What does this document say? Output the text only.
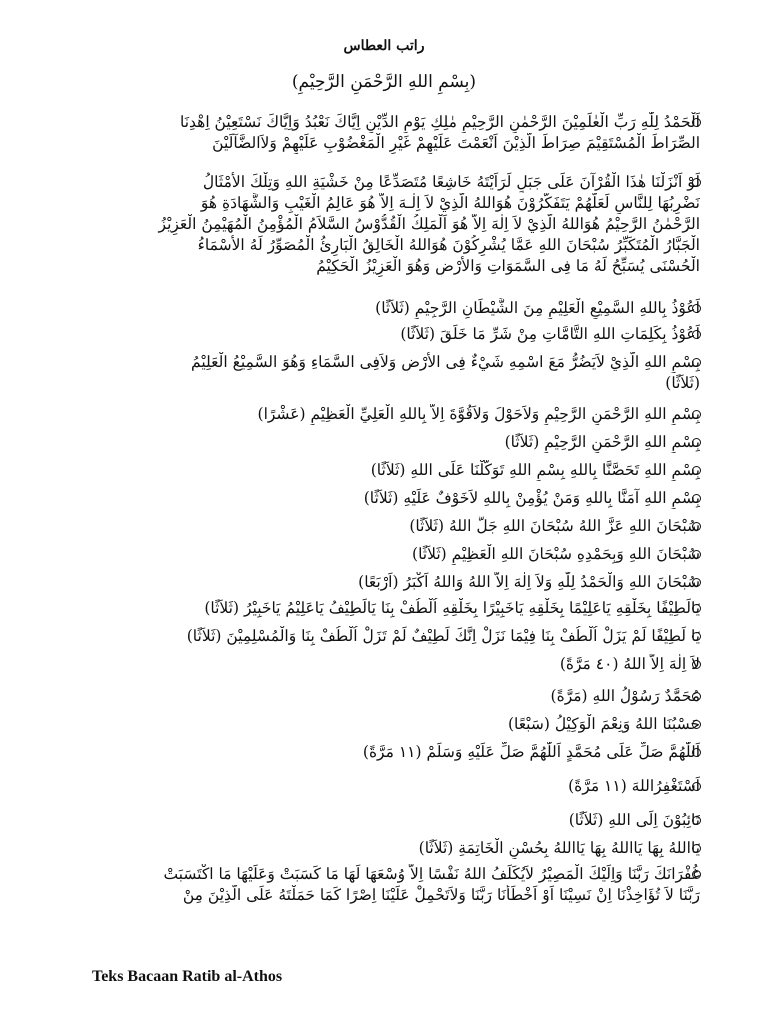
راتب العطاس
(بِسْمِ اللهِ الرَّحْمَنِ الرَّحِيْمِ)
اَلْحَمْدُ لِلّٰهِ رَبِّ الْعٰلَمِيْنَ الرَّحْمٰنِ الرَّحِيْمِ مٰلِكِ يَوْمِ الدِّيْنِ اِيَّاكَ نَعْبُدُ وَاِيَّاكَ نَسْتَعِيْنُ اِهْدِنَا
الصِّرَاطَ الْمُسْتَقِيْمَ صِرَاطَ الَّذِيْنَ اَنْعَمْتَ عَلَيْهِمْ غَيْرِ الْمَغْضُوْبِ عَلَيْهِمْ وَلاَالضَّآلِّيْنَ
لَوْ اَنْزَلْنَا هٰذَا الْقُرْآنَ عَلَى جَبَلٍ لَرَاَيْتَهُ خَاشِعًا مُتَصَدِّعًا مِنْ خَشْيَةِ اللهِ وَتِلْكَ الأَمْثَالُ
نَضْرِبُهَا لِلنَّاسِ لَعَلَّهُمْ يَتَفَكَّرُوْنَ هُوَاللهُ الَّذِيْ لاَ اِلٰـهَ اِلاَّ هُوَ عَالِمُ الْغَيْبِ وَالشَّهَادَةِ هُوَ
الرَّحْمٰنُ الرَّحِيْمُ هُوَاللهُ الَّذِيْ لاَ اِلٰهَ اِلاَّ هُوَ اَلْمَلِكُ الْقُدُّوْسُ السَّلاَمُ الْمُؤْمِنُ الْمُهَيْمِنُ الْعَزِيْزُ
الْجَبَّارُ الْمُتَكَبِّرُ سُبْحَانَ اللهِ عَمَّا يُشْرِكُوْنَ هُوَاللهُ الْخَالِقُ الْبَارِئُ الْمُصَوِّرُ لَهُ الأَسْمَاءُ
الْحُسْنَى يُسَبِّحُ لَهُ مَا فِى السَّمَوَاتِ وَالأَرْضِ وَهُوَ الْعَزِيْزُ الْحَكِيْمُ
اَعُوْذُ بِاللهِ السَّمِيْعِ الْعَلِيْمِ مِنَ الشَّيْطَانِ الرَّجِيْمِ (ثَلاَثًا)
اَعُوْذُ بِكَلِمَاتِ اللهِ التَّامَّاتِ مِنْ شَرِّ مَا خَلَقَ (ثَلاَثًا)
بِسْمِ اللهِ الَّذِيْ لاَيَضُرُّ مَعَ اسْمِهِ شَيْءٌ فِى الأَرْضِ وَلاَفِى السَّمَاءِ وَهُوَ السَّمِيْعُ الْعَلِيْمُ
(ثَلاَثًا)
بِسْمِ اللهِ الرَّحْمَنِ الرَّحِيْمِ وَلاَحَوْلَ وَلاَقُوَّةَ اِلاَّ بِاللهِ الْعَلِيِّ الْعَظِيْمِ (عَشْرًا)
بِسْمِ اللهِ الرَّحْمَنِ الرَّحِيْمِ (ثَلاَثًا)
بِسْمِ اللهِ تَحَصَّنَّا بِاللهِ بِسْمِ اللهِ تَوَكَّلْنَا عَلَى اللهِ (ثَلاَثًا)
بِسْمِ اللهِ آمَنَّا بِاللهِ وَمَنْ يُؤْمِنْ بِاللهِ لاَخَوْفٌ عَلَيْهِ (ثَلاَثًا)
سُبْحَانَ اللهِ عَزَّ اللهُ سُبْحَانَ اللهِ جَلَّ اللهُ (ثَلاَثًا)
سُبْحَانَ اللهِ وَبِحَمْدِهِ سُبْحَانَ اللهِ الْعَظِيْمِ (ثَلاَثًا)
سُبْحَانَ اللهِ وَالْحَمْدُ لِلّٰهِ وَلاَ اِلٰهَ اِلاَّ اللهُ وَاللهُ اَكْبَرُ (اَرْبَعًا)
يَالَطِيْفًا بِخَلْقِهِ يَاعَلِيْمًا بِخَلْقِهِ يَاخَبِيْرًا بِخَلْقِهِ اُلْطُفْ بِنَا يَالَطِيْفُ يَاعَلِيْمُ يَاخَبِيْرُ (ثَلاَثًا)
يَا لَطِيْفًا لَمْ يَزَلْ اُلْطُفْ بِنَا فِيْمَا نَزَلْ اِنَّكَ لَطِيْفٌ لَمْ تَزَلْ اُلْطُفْ بِنَا وَالْمُسْلِمِيْنَ (ثَلاَثًا)
لاَ اِلٰهَ اِلاَّ اللهُ (٤٠ مَرَّةً)
مُحَمَّدٌ رَسُوْلُ اللهِ (مَرَّةً)
حَسْبُنَا اللهُ وَنِعْمَ الْوَكِيْلُ (سَبْعًا)
اَللّٰهُمَّ صَلِّ عَلَى مُحَمَّدٍ اَللّٰهُمَّ صَلِّ عَلَيْهِ وَسَلِّمْ (١١ مَرَّةً)
اَسْتَغْفِرُاللهَ (١١ مَرَّةً)
تَائِبُوْنَ اِلَى اللهِ (ثَلاَثًا)
يَااللهُ بِهَا يَااللهُ بِهَا يَااللهُ بِحُسْنِ الْخَاتِمَةِ (ثَلاَثًا)
غُفْرَانَكَ رَبَّنَا وَاِلَيْكَ الْمَصِيْرُ لاَيُكَلِّفُ اللهُ نَفْسًا اِلاَّ وُسْعَهَا لَهَا مَا كَسَبَتْ وَعَلَيْهَا مَا اكْتَسَبَتْ
رَبَّنَا لاَ تُؤَاخِذْنَا اِنْ نَسِيْنَا اَوْ اَخْطَأْنَا رَبَّنَا وَلاَتَحْمِلْ عَلَيْنَا اِصْرًا كَمَا حَمَلْتَهُ عَلَى الَّذِيْنَ مِنْ
Teks Bacaan Ratib al-Athos
